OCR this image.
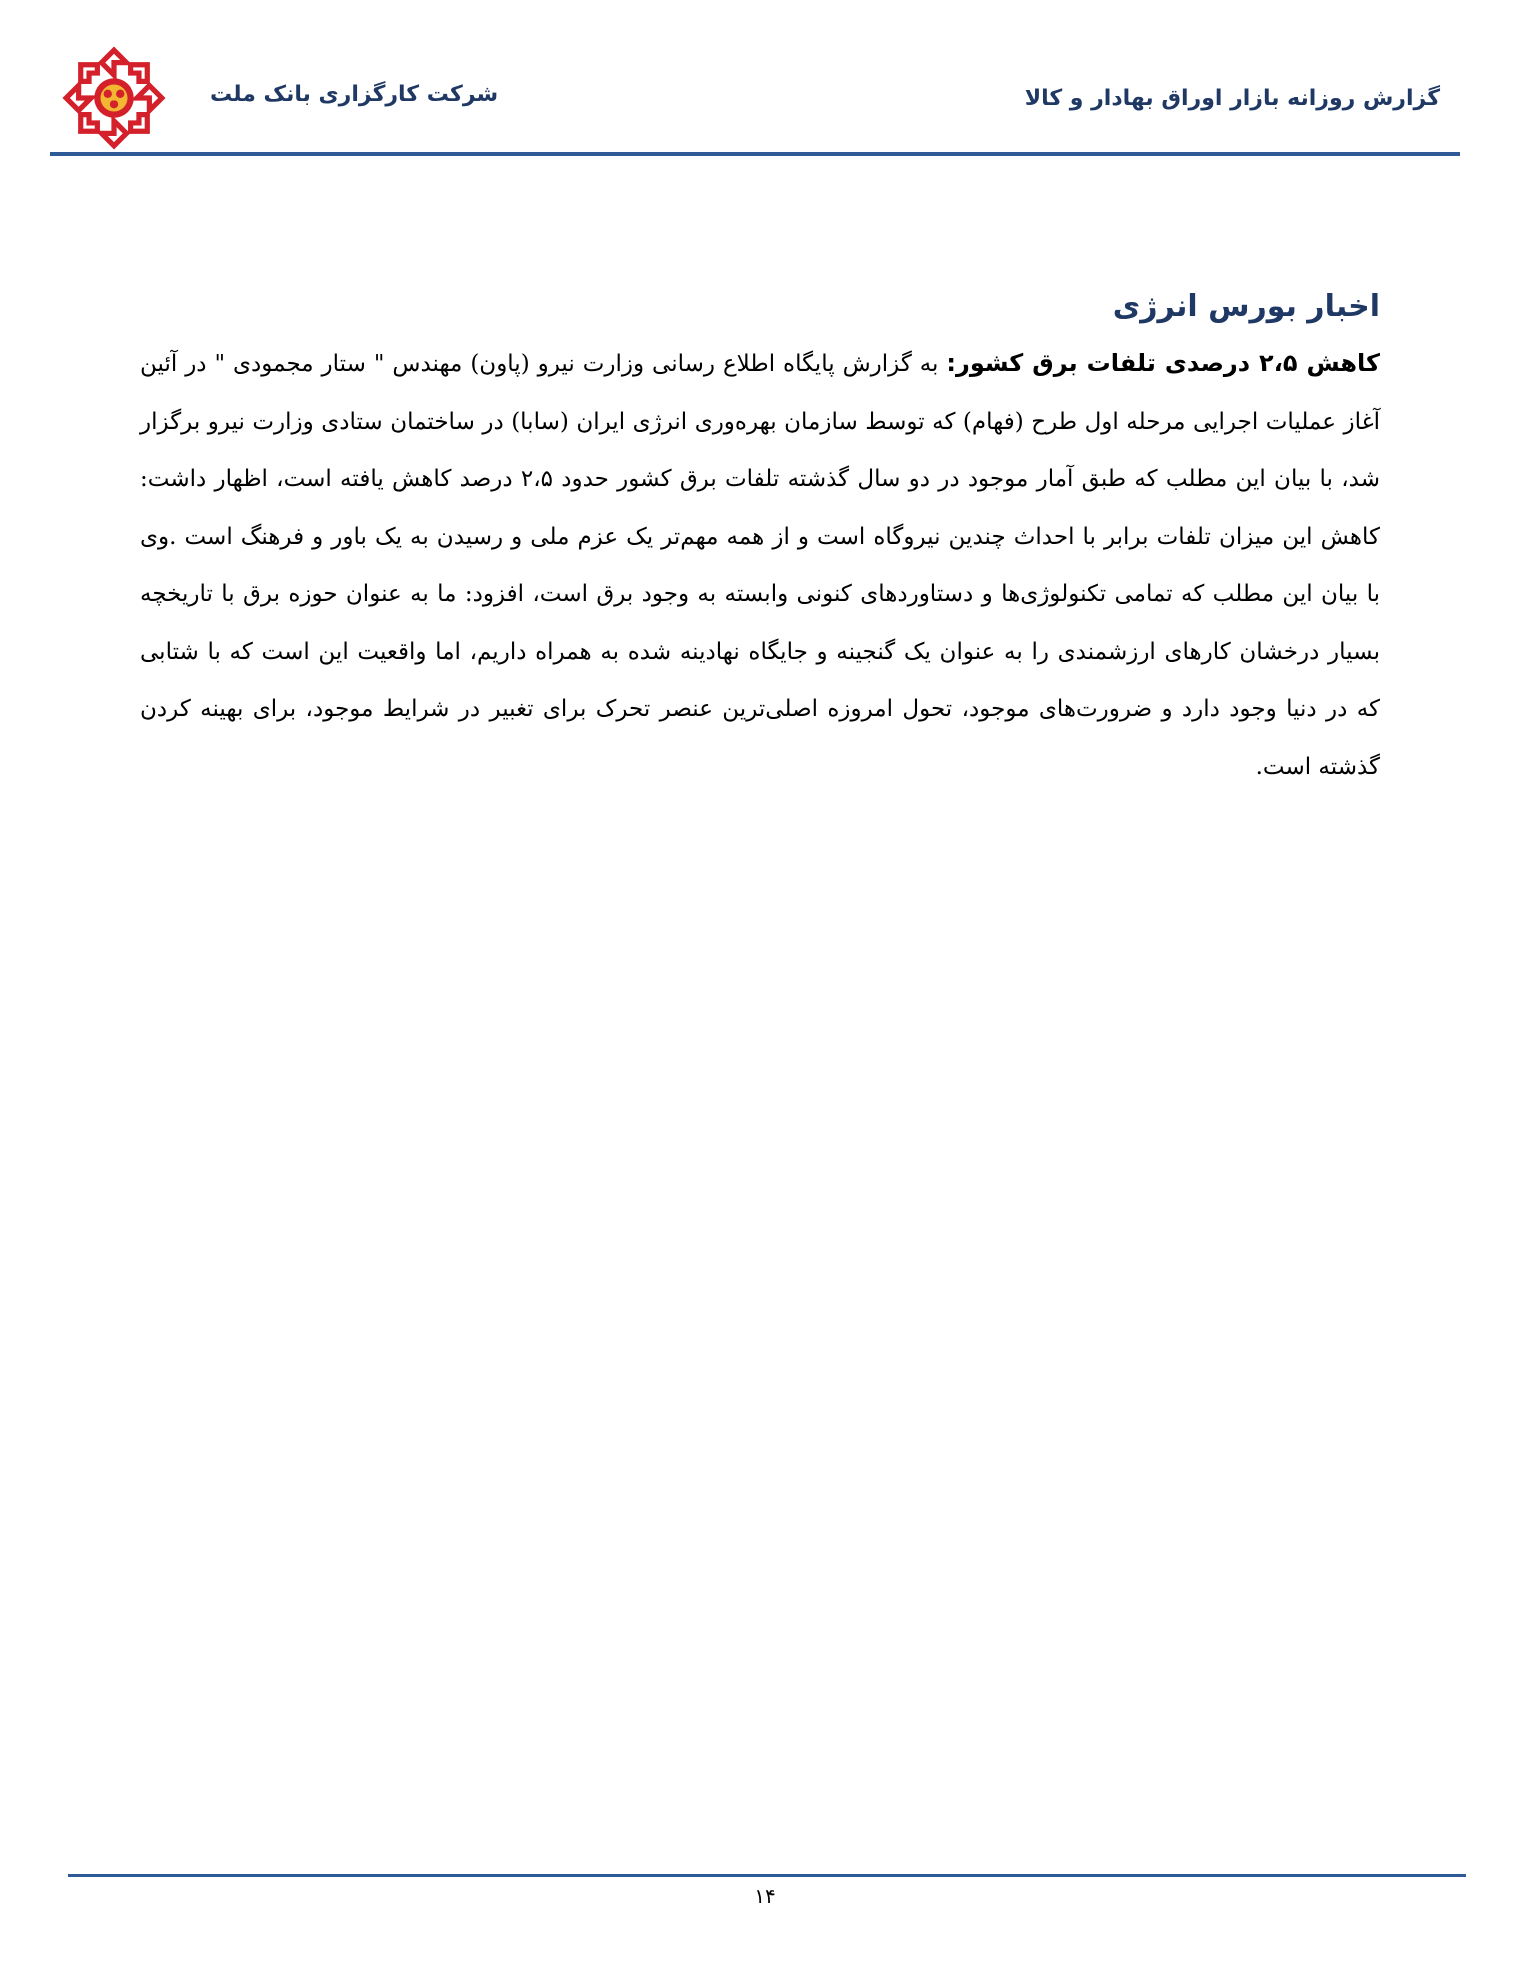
شرکت کارگزاری بانک ملت	گزارش روزانه بازار اوراق بهادار و کالا
اخبار بورس انرژی

کاهش ۲،۵ درصدی تلفات برق کشور: به گزارش پایگاه اطلاع رسانی وزارت نیرو (پاون) مهندس " ستار مجمودی " در آئین آغاز عملیات اجرایی مرحله اول طرح (فهام) که توسط سازمان بهره‌وری انرژی ایران (سابا) در ساختمان ستادی وزارت نیرو برگزار شد، با بیان این مطلب که طبق آمار موجود در دو سال گذشته تلفات برق کشور حدود ۲،۵ درصد کاهش یافته است، اظهار داشت: کاهش این میزان تلفات برابر با احداث چندین نیروگاه است و از همه مهم‌تر یک عزم ملی و رسیدن به یک باور و فرهنگ است .وی با بیان این مطلب که تمامی تکنولوژی‌ها و دستاوردهای کنونی وابسته به وجود برق است، افزود: ما به عنوان حوزه برق با تاریخچه بسیار درخشان کارهای ارزشمندی را به عنوان یک گنجینه و جایگاه نهادینه شده به همراه داریم، اما واقعیت این است که با شتابی که در دنیا وجود دارد و ضرورت‌های موجود، تحول امروزه اصلی‌ترین عنصر تحرک برای تغبیر در شرایط موجود، برای بهینه کردن گذشته است.

۱۴
